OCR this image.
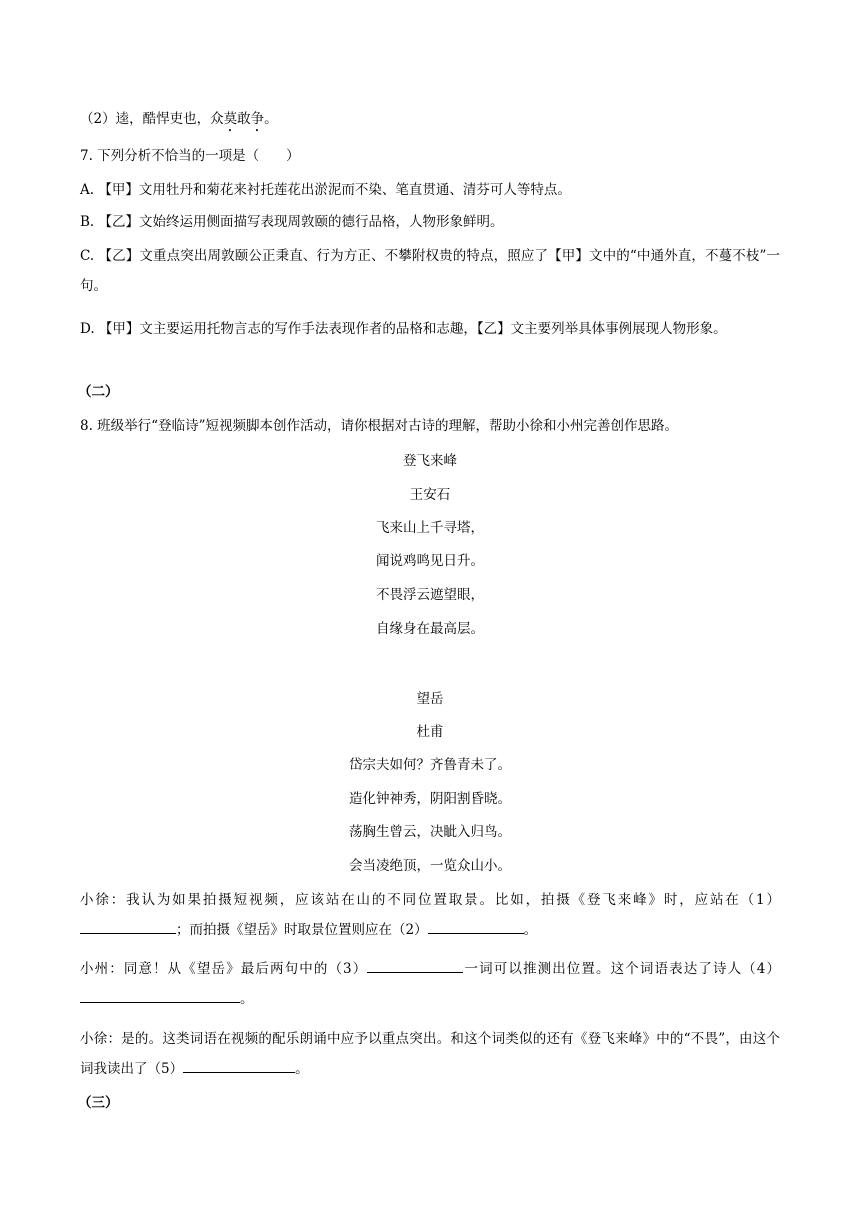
（2）逵，酷悍吏也，众莫敢争。
7. 下列分析不恰当的一项是（　　）
A. 【甲】文用牡丹和菊花来衬托莲花出淤泥而不染、笔直贯通、清芬可人等特点。
B. 【乙】文始终运用侧面描写表现周敦颐的德行品格，人物形象鲜明。
C. 【乙】文重点突出周敦颐公正秉直、行为方正、不攀附权贵的特点，照应了【甲】文中的“中通外直，不蔓不枝”一句。
D. 【甲】文主要运用托物言志的写作手法表现作者的品格和志趣，【乙】文主要列举具体事例展现人物形象。
（二）
8. 班级举行“登临诗”短视频脚本创作活动，请你根据对古诗的理解，帮助小徐和小州完善创作思路。
登飞来峰
王安石
飞来山上千寻塔，
闻说鸡鸣见日升。
不畏浮云遮望眼，
自缘身在最高层。
望岳
杜甫
岱宗夫如何？齐鲁青未了。
造化钟神秀，阴阳割昏晓。
荡胸生曾云，决眦入归鸟。
会当凌绝顶，一览众山小。
小徐：我认为如果拍摄短视频，应该站在山的不同位置取景。比如，拍摄《登飞来峰》时，应站在（1）；而拍摄《望岳》时取景位置则应在（2）	。
小州：同意！从《望岳》最后两句中的（3）	一词可以推测出位置。这个词语表达了诗人（4）。
小徐：是的。这类词语在视频的配乐朗诵中应予以重点突出。和这个词类似的还有《登飞来峰》中的“不畏”，由这个词我读出了（5）	。
（三）
